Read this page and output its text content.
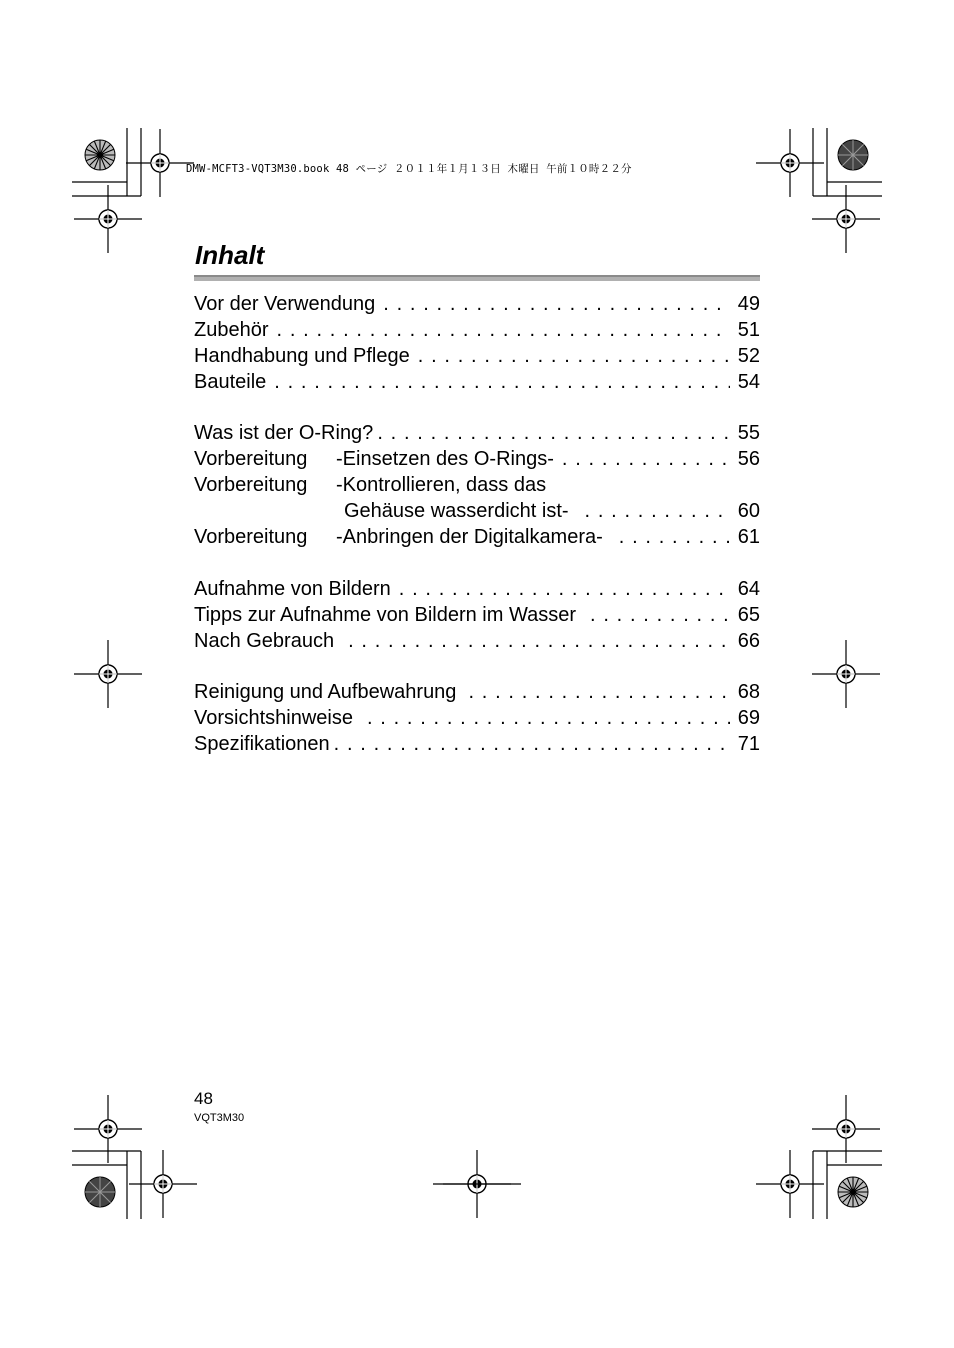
DMW-MCFT3-VQT3M30.book 48 ページ ２０１１年１月１３日 木曜日 午前１０時２２分
Inhalt
Vor der Verwendung . . .	49
Zubehör . . .	51
Handhabung und Pflege . . .	52
Bauteile . . .	54
Was ist der O-Ring? . . .	55
Vorbereitung	-Einsetzen des O-Rings- . . .	56
Vorbereitung	-Kontrollieren, dass das
Gehäuse wasserdicht ist- . . .	60
Vorbereitung	-Anbringen der Digitalkamera- . . .	61
Aufnahme von Bildern . . .	64
Tipps zur Aufnahme von Bildern im Wasser . . .	65
Nach Gebrauch . . .	66
Reinigung und Aufbewahrung . . .	68
Vorsichtshinweise . . .	69
Spezifikationen . . .	71
48
VQT3M30
